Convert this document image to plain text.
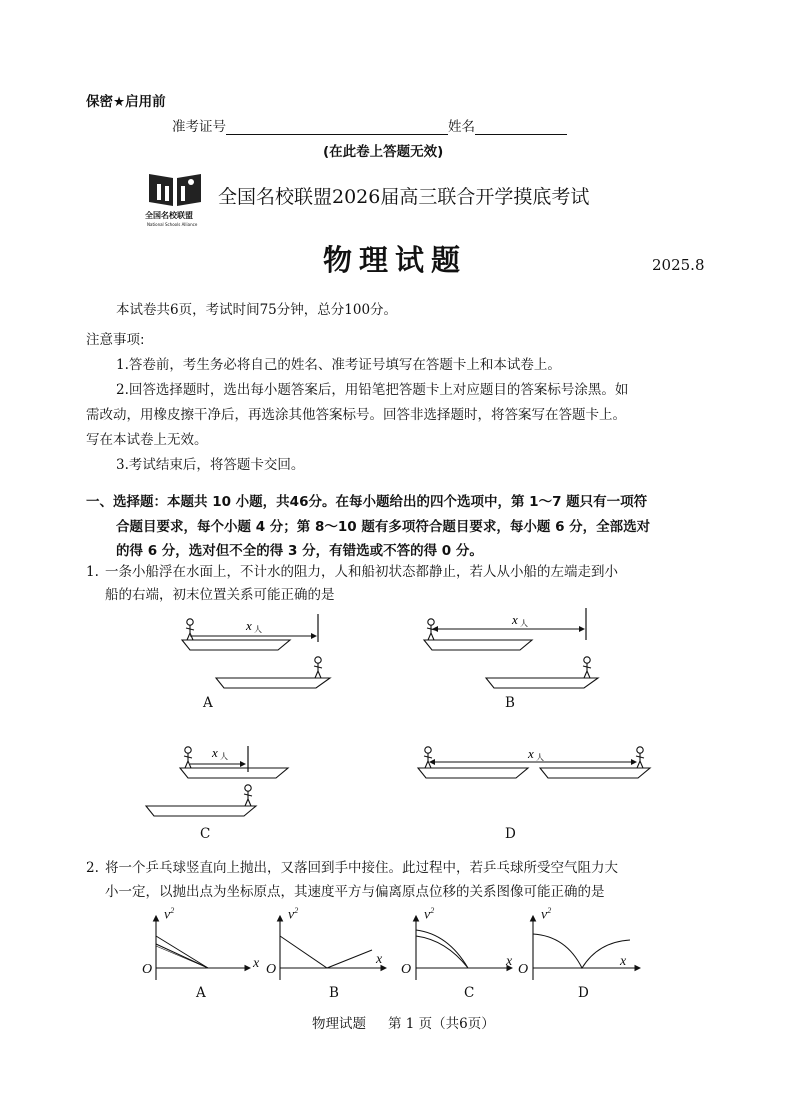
保密★启用前
准考证号	姓名
(在此卷上答题无效)
全国名校联盟
National Schools Alliance
全国名校联盟2026届高三联合开学摸底考试
物理试题	2025.8
本试卷共6页，考试时间75分钟，总分100分。
注意事项:
1.答卷前，考生务必将自己的姓名、准考证号填写在答题卡上和本试卷上。
2.回答选择题时，选出每小题答案后，用铅笔把答题卡上对应题目的答案标号涂黑。如
需改动，用橡皮擦干净后，再选涂其他答案标号。回答非选择题时，将答案写在答题卡上。
写在本试卷上无效。
3.考试结束后，将答题卡交回。
一、选择题：本题共 10 小题，共46分。在每小题给出的四个选项中，第 1～7 题只有一项符
合题目要求，每个小题 4 分；第 8～10 题有多项符合题目要求，每小题 6 分，全部选对
的得 6 分，选对但不全的得 3 分，有错选或不答的得 0 分。
1. 一条小船浮在水面上，不计水的阻力，人和船初状态都静止，若人从小船的左端走到小
船的右端，初末位置关系可能正确的是
x 人
x 人
x 人	x 人
A	B
C	D
2. 将一个乒乓球竖直向上抛出，又落回到手中接住。此过程中，若乒乓球所受空气阻力大
小一定，以抛出点为坐标原点，其速度平方与偏离原点位移的关系图像可能正确的是
$v^2$
x
O
$v^2$
x
O
$v^2$
x
O
$v^2$
x
O
A	B	C	D
物理试题 第 1 页（共6页）
